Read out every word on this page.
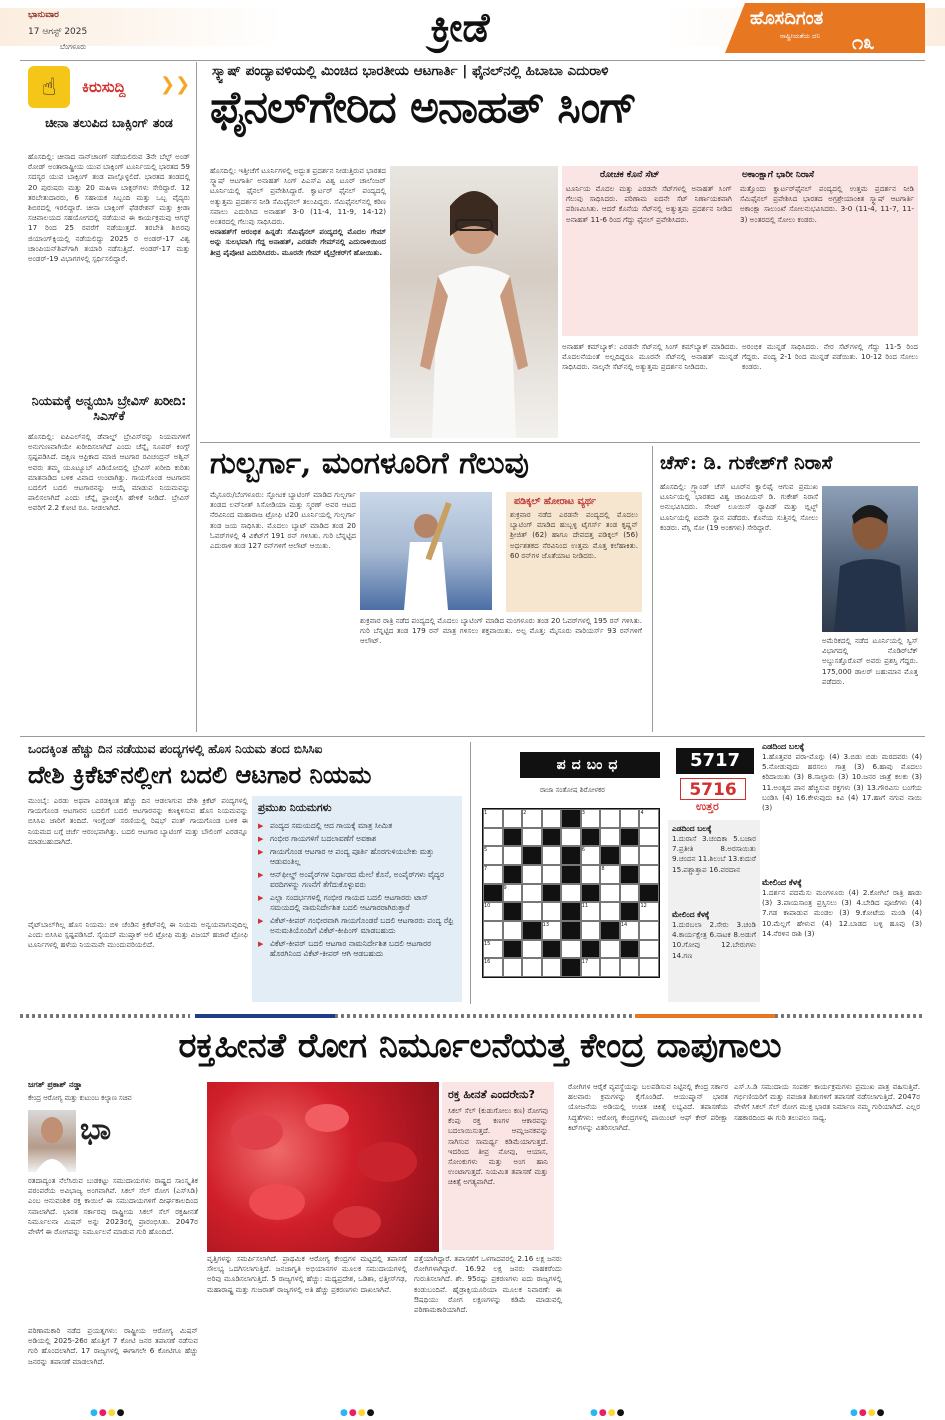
ಭಾನುವಾರ
17 ಆಗಸ್ಟ್ 2025
ಬೆಂಗಳೂರು	ಕ್ರೀಡೆ	ಹೊಸದಿಗಂತ
ರಾಷ್ಟ್ರೀಯತೆಯ ದನಿ ೧೩
☝	ಕಿರುಸುದ್ದಿ ❯❯
ಚೀನಾ ತಲುಪಿದ ಬಾಕ್ಸಿಂಗ್ ತಂಡ
ಹೊಸದಿಲ್ಲಿ: ಚೀನಾದ ನಾನ್‌ಚಾಂಗ್ ನಡೆಯಲಿರುವ 3ನೇ ಬೆಲ್ಟ್ ಅಂಡ್ ರೋಡ್ ಅಂತಾರಾಷ್ಟ್ರೀಯ ಯುವ ಬಾಕ್ಸಿಂಗ್ ಟೂರ್ನಿಯಲ್ಲಿ ಭಾರತದ 59 ಸದಸ್ಯರ ಯುವ ಬಾಕ್ಸಿಂಗ್ ತಂಡ ಪಾಲ್ಗೊಳ್ಳಲಿದೆ. ಭಾರತದ ತಂಡದಲ್ಲಿ 20 ಪುರುಷರು ಮತ್ತು 20 ಮಹಿಳಾ ಬಾಕ್ಸರ್‌ಗಳು ಸೇರಿದ್ದಾರೆ. 12 ತರಬೇತುದಾರರು, 6 ಸಹಾಯಕ ಸಿಬ್ಬಂದಿ ಮತ್ತು ಒಬ್ಬ ವೈದ್ಯರು ಶಿಬಿರದಲ್ಲಿ ಇರಲಿದ್ದಾರೆ. ಚೀನಾ ಬಾಕ್ಸಿಂಗ್ ಫೆಡರೇಶನ್ ಮತ್ತು ಕ್ರೀಡಾ ಸಚಿವಾಲಯದ ಸಹಯೋಗದಲ್ಲಿ ನಡೆಯುವ ಈ ಕಾರ್ಯಕ್ರಮವು ಆಗಸ್ಟ್ 17 ರಿಂದ 25 ರವರೆಗೆ ನಡೆಯುತ್ತದೆ. ತರಬೇತಿ ಶಿಬಿರವು ಜಿಯಾಂಗ್‌ಕ್ಸಿಯಲ್ಲಿ ನಡೆಯಲಿದ್ದು 2025 ರ ಅಂಡರ್-17 ವಿಶ್ವ ಚಾಂಪಿಯನ್‌ಶಿಪ್‌ಗಾಗಿ ತಯಾರಿ ನಡೆಸುತ್ತಿದೆ. ಅಂಡರ್-17 ಮತ್ತು ಅಂಡರ್-19 ವಿಭಾಗಗಳಲ್ಲಿ ಸ್ಪರ್ಧಿಸಲಿದ್ದಾರೆ.
ನಿಯಮಕ್ಕೆ ಅನ್ವಯಿಸಿ ಬ್ರೇವಿಸ್ ಖರೀದಿ: ಸಿಎಸ್‌ಕೆ
ಹೊಸದಿಲ್ಲಿ: ಐಪಿಎಲ್‌ನಲ್ಲಿ ಡೆವಾಲ್ಡ್ ಬ್ರೇವಿಸ್‌ರನ್ನು ನಿಯಮಗಳಿಗೆ ಅನುಗುಣವಾಗಿಯೇ ಖರೀದಿಸಲಾಗಿದೆ ಎಂದು ಚೆನ್ನೈ ಸೂಪರ್ ಕಿಂಗ್ಸ್ ಸ್ಪಷ್ಟಪಡಿಸಿದೆ. ದಕ್ಷಿಣ ಆಫ್ರಿಕಾದ ಮಾಜಿ ಆಟಗಾರ ರವಿಚಂದ್ರನ್ ಅಶ್ವಿನ್ ಅವರು ತಮ್ಮ ಯೂಟ್ಯೂಬ್ ವಿಡಿಯೋದಲ್ಲಿ ಬ್ರೇವಿಸ್ ಖರೀದಿ ಕುರಿತು ಮಾತನಾಡಿದ ಬಳಿಕ ವಿವಾದ ಉಂಟಾಗಿತ್ತು. ಗಾಯಗೊಂಡ ಆಟಗಾರನ ಬದಲಿಗೆ ಬದಲಿ ಆಟಗಾರನನ್ನು ಆಯ್ಕೆ ಮಾಡುವ ನಿಯಮವನ್ನು ಪಾಲಿಸಲಾಗಿದೆ ಎಂದು ಚೆನ್ನೈ ಫ್ರಾಂಚೈಸಿ ಹೇಳಿಕೆ ನೀಡಿದೆ. ಬ್ರೇವಿಸ್ ಅವರಿಗೆ 2.2 ಕೋಟಿ ರೂ. ನೀಡಲಾಗಿದೆ.
ಸ್ಕ್ವಾಷ್ ಪಂದ್ಯಾವಳಿಯಲ್ಲಿ ಮಿಂಚಿದ ಭಾರತೀಯ ಆಟಗಾರ್ತಿ | ಫೈನಲ್‌ನಲ್ಲಿ ಹಿಬಾಬಾ ಎದುರಾಳಿ
ಫೈನಲ್‌ಗೇರಿದ ಅನಾಹತ್ ಸಿಂಗ್
ಹೊಸದಿಲ್ಲಿ: ಇತ್ತೀಚೆಗೆ ಟೂರ್ನಿಗಳಲ್ಲಿ ಅದ್ಭುತ ಪ್ರದರ್ಶನ ನೀಡುತ್ತಿರುವ ಭಾರತದ ಸ್ಕ್ವಾಷ್ ಆಟಗಾರ್ತಿ ಅನಾಹತ್ ಸಿಂಗ್ ಪಿಎಸ್‌ಎ ವಿಶ್ವ ಟೂರ್ ಚಾಲೆಂಜರ್ ಟೂರ್ನಿಯಲ್ಲಿ ಫೈನಲ್ ಪ್ರವೇಶಿಸಿದ್ದಾರೆ. ಕ್ವಾರ್ಟರ್ ಫೈನಲ್ ಪಂದ್ಯದಲ್ಲಿ ಅತ್ಯುತ್ತಮ ಪ್ರದರ್ಶನ ನೀಡಿ ಸೆಮಿಫೈನಲ್ ತಲುಪಿದ್ದರು. ಸೆಮಿಫೈನಲ್‌ನಲ್ಲಿ ಕಠಿಣ ಸವಾಲು ಎದುರಿಸಿದ ಅನಾಹತ್ 3-0 (11-4, 11-9, 14-12) ಅಂತರದಲ್ಲಿ ಗೆಲುವು ಸಾಧಿಸಿದರು.
ಅನಾಹತ್‌ಗೆ ಆರಂಭಿಕ ಹಿನ್ನಡೆ: ಸೆಮಿಫೈನಲ್ ಪಂದ್ಯದಲ್ಲಿ ಮೊದಲ ಗೇಮ್ ಅನ್ನು ಸುಲಭವಾಗಿ ಗೆದ್ದ ಅನಾಹತ್, ಎರಡನೇ ಗೇಮ್‌ನಲ್ಲಿ ಎದುರಾಳಿಯಿಂದ ತೀವ್ರ ಪೈಪೋಟಿ ಎದುರಿಸಿದರು. ಮೂರನೇ ಗೇಮ್ ಟೈಬ್ರೇಕರ್‌ಗೆ ಹೋಯಿತು.
ರೋಚಕ ಕೊನೆ ಸೆಟ್
ಟೂರ್ನಿಯ ಮೊದಲ ಮತ್ತು ಎರಡನೇ ಸೆಟ್‌ಗಳಲ್ಲಿ ಅನಾಹತ್ ಸಿಂಗ್ ಗೆಲುವು ಸಾಧಿಸಿದರು. ಪರಿಣಾಮ ಐದನೇ ಸೆಟ್ ನಿರ್ಣಾಯಕವಾಗಿ ಪರಿಣಮಿಸಿತು. ಆದರೆ ಕೊನೆಯ ಸೆಟ್‌ನಲ್ಲಿ ಅತ್ಯುತ್ತಮ ಪ್ರದರ್ಶನ ನೀಡಿದ ಅನಾಹತ್ 11-6 ರಿಂದ ಗೆದ್ದು ಫೈನಲ್ ಪ್ರವೇಶಿಸಿದರು.
ಅಕಾಂಕ್ಷಾಗೆ ಭಾರೀ ನಿರಾಸೆ
ಮತ್ತೊಂದು ಕ್ವಾರ್ಟರ್‌ಫೈನಲ್ ಪಂದ್ಯದಲ್ಲಿ ಉತ್ತಮ ಪ್ರದರ್ಶನ ನೀಡಿ ಸೆಮಿಫೈನಲ್ ಪ್ರವೇಶಿಸಿದ ಭಾರತದ ಅಗ್ರಶ್ರೇಯಾಂಕಿತ ಸ್ಕ್ವಾಷ್ ಆಟಗಾರ್ತಿ ಅಕಾಂಕ್ಷಾ ಸಾಲುಂಖೆ ಸೋಲನುಭವಿಸಿದರು. 3-0 (11-4, 11-7, 11-3) ಅಂತರದಲ್ಲಿ ಸೋಲು ಕಂಡರು.
ಅನಾಹತ್ ಕಮ್‌ಬ್ಯಾಕ್: ಎರಡನೇ ಸೆಟ್‌ನಲ್ಲಿ ಸಿಂಗ್ ಕಮ್‌ಬ್ಯಾಕ್ ಮಾಡಿದರು. ಮೊದಲನೆಯಂತೆ ಅಲ್ಲದಿದ್ದರೂ ಮೂರನೇ ಸೆಟ್‌ನಲ್ಲಿ ಅನಾಹತ್ ಮುನ್ನಡೆ ಸಾಧಿಸಿದರು. ನಾಲ್ಕನೇ ಸೆಟ್‌ನಲ್ಲಿ ಅತ್ಯುತ್ತಮ ಪ್ರದರ್ಶನ ನೀಡಿದರು.
ಅರಂಭಿಕ ಮುನ್ನಡೆ ಸಾಧಿಸಿದರು. ನೇರ ಸೆಟ್‌ಗಳಲ್ಲಿ ಗೆದ್ದು 11-5 ರಿಂದ ಗೆದ್ದರು. ಪಂದ್ಯ 2-1 ರಿಂದ ಮುನ್ನಡೆ ಪಡೆಯಿತು. 10-12 ರಿಂದ ಸೋಲು ಕಂಡರು.
ಗುಲ್ಬರ್ಗಾ, ಮಂಗಳೂರಿಗೆ ಗೆಲುವು
ಮೈಸೂರು/ಬೆಂಗಳೂರು: ಸ್ಫೋಟಕ ಬ್ಯಾಟಿಂಗ್ ಮಾಡಿದ ಗುಲ್ಬರ್ಗಾ ತಂಡದ ಲವ್‌ನೀತ್ ಸಿಸೋಡಿಯಾ ಮತ್ತು ಸ್ಮರಣ್ ಅವರ ಆಟದ ನೆರವಿನಿಂದ ಮಹಾರಾಜ ಟ್ರೋಫಿ ಟಿ20 ಟೂರ್ನಿಯಲ್ಲಿ ಗುಲ್ಬರ್ಗಾ ತಂಡ ಜಯ ಸಾಧಿಸಿತು. ಮೊದಲು ಬ್ಯಾಟ್ ಮಾಡಿದ ತಂಡ 20 ಓವರ್‌ಗಳಲ್ಲಿ 4 ವಿಕೆಟ್‌ಗೆ 191 ರನ್ ಗಳಿಸಿತು. ಗುರಿ ಬೆನ್ನಟ್ಟಿದ ಎದುರಾಳಿ ತಂಡ 127 ರನ್‌ಗಳಿಗೆ ಆಲೌಟ್ ಆಯಿತು.
ಪಡಿಕ್ಕಲ್ ಹೋರಾಟ ವ್ಯರ್ಥ
ಶುಕ್ರವಾರ ನಡೆದ ಎರಡನೇ ಪಂದ್ಯದಲ್ಲಿ ಮೊದಲು ಬ್ಯಾಟಿಂಗ್ ಮಾಡಿದ ಹುಬ್ಬಳ್ಳಿ ಟೈಗರ್ಸ್ ತಂಡ ಕೃಷ್ಣನ್ ಶ್ರೀಜಿತ್ (62) ಹಾಗೂ ದೇವದತ್ತ ಪಡಿಕ್ಕಲ್ (56) ಅರ್ಧಶತಕದ ನೆರವಿನಿಂದ ಉತ್ತಮ ಮೊತ್ತ ಕಲೆಹಾಕಿತು. 60 ರನ್‌ಗಳ ಜೊತೆಯಾಟ ನೀಡಿದರು.
ಶುಕ್ರವಾರ ರಾತ್ರಿ ನಡೆದ ಪಂದ್ಯದಲ್ಲಿ ಮೊದಲು ಬ್ಯಾಟಿಂಗ್ ಮಾಡಿದ ಮಂಗಳೂರು ತಂಡ 20 ಓವರ್‌ಗಳಲ್ಲಿ 195 ರನ್ ಗಳಿಸಿತು. ಗುರಿ ಬೆನ್ನಟ್ಟಿದ ತಂಡ 179 ರನ್ ಮಾತ್ರ ಗಳಿಸಲು ಶಕ್ತವಾಯಿತು. ಅಲ್ಪ ಮೊತ್ತ: ಮೈಸೂರು ವಾರಿಯರ್ಸ್ 93 ರನ್‌ಗಳಿಗೆ ಆಲೌಟ್.
ಚೆಸ್: ಡಿ. ಗುಕೇಶ್‌ಗೆ ನಿರಾಸೆ
ಹೊಸದಿಲ್ಲಿ: ಗ್ರ್ಯಾಂಡ್ ಚೆಸ್ ಟೂರ್‌ನ ಕ್ವಾಲಿಫೈ ಆಗುವ ಪ್ರಮುಖ ಟೂರ್ನಿಯಲ್ಲಿ ಭಾರತದ ವಿಶ್ವ ಚಾಂಪಿಯನ್ ಡಿ. ಗುಕೇಶ್ ನಿರಾಸೆ ಅನುಭವಿಸಿದರು. ಸೇಂಟ್ ಲೂಯಿಸ್ ರ‍್ಯಾಪಿಡ್ ಮತ್ತು ಬ್ಲಿಟ್ಜ್ ಟೂರ್ನಿಯಲ್ಲಿ ಐದನೇ ಸ್ಥಾನ ಪಡೆದರು. ಕೊನೆಯ ಸುತ್ತಿನಲ್ಲಿ ಸೋಲು ಕಂಡರು. ವೆಸ್ಲಿ ಸೋ (19 ಅಂಕಗಳು) ಸೇರಿದ್ದಾರೆ.
ಅಮೆರಿಕದಲ್ಲಿ ನಡೆದ ಟೂರ್ನಿಯಲ್ಲಿ ಸ್ವಿಸ್ ವಿಭಾಗದಲ್ಲಿ ನೊಡಿರ್‌ಬೆಕ್ ಅಬ್ದುಸತ್ತೊರೊವ್ ಅವರು ಪ್ರಶಸ್ತಿ ಗೆದ್ದರು. 175,000 ಡಾಲರ್ ಬಹುಮಾನ ಮೊತ್ತ ಪಡೆದರು.
ಒಂದಕ್ಕಿಂತ ಹೆಚ್ಚು ದಿನ ನಡೆಯುವ ಪಂದ್ಯಗಳಲ್ಲಿ ಹೊಸ ನಿಯಮ ತಂದ ಬಿಸಿಸಿಐ
ದೇಶಿ ಕ್ರಿಕೆಟ್‌ನಲ್ಲೀಗ ಬದಲಿ ಆಟಗಾರ ನಿಯಮ
ಮುಂಬೈ: ಎರಡು ಅಥವಾ ಎರಡಕ್ಕಿಂತ ಹೆಚ್ಚು ದಿನ ಆಡಲಾಗುವ ದೇಶಿ ಕ್ರಿಕೆಟ್ ಪಂದ್ಯಗಳಲ್ಲಿ ಗಾಯಗೊಂಡ ಆಟಗಾರನ ಬದಲಿಗೆ ಬದಲಿ ಆಟಗಾರನನ್ನು ಕಣಕ್ಕಿಳಿಸುವ ಹೊಸ ನಿಯಮವನ್ನು ಬಿಸಿಸಿಐ ಜಾರಿಗೆ ತಂದಿದೆ. ಇಂಗ್ಲೆಂಡ್ ಸರಣಿಯಲ್ಲಿ ರಿಷಭ್ ಪಂತ್ ಗಾಯಗೊಂಡ ಬಳಿಕ ಈ ನಿಯಮದ ಬಗ್ಗೆ ಚರ್ಚೆ ಆರಂಭವಾಗಿತ್ತು. ಬದಲಿ ಆಟಗಾರ ಬ್ಯಾಟಿಂಗ್ ಮತ್ತು ಬೌಲಿಂಗ್ ಎರಡನ್ನೂ ಮಾಡಬಹುದಾಗಿದೆ.
ವೈಟ್‌ಬಾಲ್‌ಗಿಲ್ಲ ಹೊಸ ನಿಯಮ: ಬಿಳಿ ಚೆಂಡಿನ ಕ್ರಿಕೆಟ್‌ನಲ್ಲಿ ಈ ನಿಯಮ ಅನ್ವಯವಾಗುವುದಿಲ್ಲ ಎಂದು ಬಿಸಿಸಿಐ ಸ್ಪಷ್ಟಪಡಿಸಿದೆ. ಸೈಯದ್ ಮುಷ್ತಾಕ್ ಅಲಿ ಟ್ರೋಫಿ ಮತ್ತು ವಿಜಯ್ ಹಜಾರೆ ಟ್ರೋಫಿ ಟೂರ್ನಿಗಳಲ್ಲಿ ಹಳೆಯ ನಿಯಮವೇ ಮುಂದುವರಿಯಲಿದೆ.
ಪ್ರಮುಖ ನಿಯಮಗಳು
▶ ಪಂದ್ಯದ ಸಮಯದಲ್ಲಿ ಆದ ಗಾಯಕ್ಕೆ ಮಾತ್ರ ಸೀಮಿತ
▶ ಗಂಭೀರ ಗಾಯಗಳಿಗೆ ಬದಲಾವಣೆಗೆ ಅವಕಾಶ
▶ ಗಾಯಗೊಂಡ ಆಟಗಾರ ಆ ಪಂದ್ಯ ಪೂರ್ತಿ ಹೊರಗುಳಿಯಬೇಕು ಮತ್ತು ಆಡುವಂತಿಲ್ಲ
▶ ಆನ್‌ಫೀಲ್ಡ್ ಅಂಪೈರ್‌ಗಳ ನಿರ್ಧಾರದ ಮೇಲೆ ಕೊನೆ, ಅಂಪೈರ್‌ಗಳು ವೈದ್ಯರ ವರದಿಗಳನ್ನು ಗಣನೆಗೆ ತೆಗೆದುಕೊಳ್ಳುವರು
▶ ಎಲ್ಲಾ ಸಂದರ್ಭಗಳಲ್ಲಿ ಗಂಭೀರ ಗಾಯದ ಬದಲಿ ಆಟಗಾರರು ಟಾಸ್ ಸಮಯದಲ್ಲಿ ನಾಮನಿರ್ದೇಶಿತ ಬದಲಿ ಆಟಗಾರರಾಗಿರುತ್ತಾರೆ
▶ ವಿಕೆಟ್-ಕೀಪರ್ ಗಂಭೀರವಾಗಿ ಗಾಯಗೊಂಡರೆ ಬದಲಿ ಆಟಗಾರರು ಪಂದ್ಯ ರೆಫ್ರಿ ಅನುಮತಿಯೊಂದಿಗೆ ವಿಕೆಟ್-ಕೀಪಿಂಗ್ ಮಾಡಬಹುದು
▶ ವಿಕೆಟ್-ಕೀಪರ್ ಬದಲಿ ಆಟಗಾರ ನಾಮನಿರ್ದೇಶಿತ ಬದಲಿ ಆಟಗಾರರ ಹೊರಗಿನಿಂದ ವಿಕೆಟ್-ಕೀಪರ್ ಆಗಿ ಆಡಬಹುದು
ಪದಬಂಧ
ರಾಜಾ ಸಂತೋಷ ಶಿರೋಳಕರ
5717
5716
ಉತ್ತರ
1	2	3	4
5	6
7	8
9
10	11	12
13	14
15
16	17
ಎಡದಿಂದ ಬಲಕ್ಕೆ
1.ದುರಾಸೆ 3.ಚಂದಿಕಾ 5.ಬಜಾರ 7.ಪ್ರತೀತಿ 8.ಅರಸಾಯಿತು 9.ಚಂದನ 11.ಶಿಲುಬೆ 13.ಕುದುರೆ 15.ಪಶ್ಚಾತ್ತಾಪ 16.ವರದಾನ
ಮೇಲಿಂದ ಕೆಳಕ್ಕೆ
1.ದುರಬಲಾ 2.ಸೇರು 3.ಚಂಡಿ 4.ಕಾರ್ಯಕ್ಷೇತ್ರ 6.ನಾಟಕ 8.ಅಡುಗೆ 10.ಗೋವು 12.ಬೇರುಗಳು 14.ಗಣ
ಎಡದಿಂದ ಬಲಕ್ಕೆ
1.ಹೊತ್ತವರ ಪರಾ-ಮೊಗ್ಗು (4) 3.ಬಿಡು ಬಿಡು ಮರದವರು (4) 5.ನೋಡುವುದು ಹರಸಲು ಗಾತ್ರ (3) 6.ಹಾವು ಮೊದಲು ಕಿರಿದಾಯಿತು (3) 8.ಸಾಲ್ಟಾರು (3) 10.ಜನರ ಜಾತ್ರೆ ಕಲಕು (3) 11.ಅಂತ್ಯದ ಪಾನ ಹೆಚ್ಚಿಸುವ ರಕ್ತಗಳು (3) 13.ಗೌರವಿಸು ಬಂಗೆಯ ಬಂಡಿಸಿ (4) 16.ಕೇಳುವುದು ಕಿವಿ (4) 17.ಹಾಗೆ ನಗುವ ನಾಯಿ (3)
ಮೇಲಿಂದ ಕೆಳಕ್ಕೆ
1.ದರ್ಶನ ಪದಮೆಸು ಮಂಗಳೂರು (4) 2.ಕೋಗಿಲೆ ರಾತ್ರಿ ಹಾಡು (3) 3.ಪಾಯಸಾಂತ್ರ ಪ್ರಸ್ತಿಸಲು (3) 4.ಬೇಡಿದ ಪೂಜೆಗಳು (4) 7.ಗಡ ಕಾಪಾಡುವ ಮಂಡಲ (3) 9.ಕೋಟೆಯ ಮಂಡಿ (4) 10.ಮೆಲ್ಲಗೆ ಹೇಳುವ (4) 12.ಬಾಡದ ಬಳ್ಳಿ ಹೂವು (3) 14.ನೆರಳಿನ ರಾಶಿ (3)
ರಕ್ತಹೀನತೆ ರೋಗ ನಿರ್ಮೂಲನೆಯತ್ತ ಕೇಂದ್ರ ದಾಪುಗಾಲು
ಜಗತ್ ಪ್ರಕಾಶ್ ನಡ್ಡಾ
ಕೇಂದ್ರ ಆರೋಗ್ಯ ಮತ್ತು ಕುಟುಂಬ ಕಲ್ಯಾಣ ಸಚಿವ
ಭಾ
ರತದಾದ್ಯಂತ ನೆಲೆಸಿರುವ ಬುಡಕಟ್ಟು ಸಮುದಾಯಗಳು ರಾಷ್ಟ್ರದ ಸಾಂಸ್ಕೃತಿಕ ಪರಂಪರೆಯ ಅವಿಭಾಜ್ಯ ಅಂಗವಾಗಿವೆ. ಸಿಕಲ್ ಸೆಲ್ ರೋಗ (ಎಸ್‌ಸಿಡಿ) ಎಂಬ ಆನುವಂಶಿಕ ರಕ್ತ ಕಾಯಿಲೆ ಈ ಸಮುದಾಯಗಳಿಗೆ ದೀರ್ಘಕಾಲದಿಂದ ಸವಾಲಾಗಿದೆ. ಭಾರತ ಸರ್ಕಾರವು ರಾಷ್ಟ್ರೀಯ ಸಿಕಲ್ ಸೆಲ್ ರಕ್ತಹೀನತೆ ನಿರ್ಮೂಲನಾ ಮಿಷನ್ ಅನ್ನು 2023ರಲ್ಲಿ ಪ್ರಾರಂಭಿಸಿತು. 2047ರ ವೇಳೆಗೆ ಈ ರೋಗವನ್ನು ನಿರ್ಮೂಲನೆ ಮಾಡುವ ಗುರಿ ಹೊಂದಿದೆ.
ಪರಿಣಾಮಕಾರಿ ನಡೆದ ಪ್ರಯತ್ನಗಳು: ರಾಷ್ಟ್ರೀಯ ಆರೋಗ್ಯ ಮಿಷನ್ ಅಡಿಯಲ್ಲಿ 2025-26ರ ಹೊತ್ತಿಗೆ 7 ಕೋಟಿ ಜನರ ತಪಾಸಣೆ ನಡೆಸುವ ಗುರಿ ಹೊಂದಲಾಗಿದೆ. 17 ರಾಜ್ಯಗಳಲ್ಲಿ ಈಗಾಗಲೇ 6 ಕೋಟಿಗೂ ಹೆಚ್ಚು ಜನರನ್ನು ತಪಾಸಣೆ ಮಾಡಲಾಗಿದೆ.
ರಕ್ತ ಹೀನತೆ ಎಂದರೇನು?
ಸಿಕಲ್ ಸೆಲ್ (ಕುಡುಗೋಲು ಕಣ) ರೋಗವು ಕೆಂಪು ರಕ್ತ ಕಣಗಳ ಆಕಾರವನ್ನು ಬದಲಾಯಿಸುತ್ತದೆ. ಆಮ್ಲಜನಕವನ್ನು ಸಾಗಿಸುವ ಸಾಮರ್ಥ್ಯ ಕಡಿಮೆಯಾಗುತ್ತದೆ. ಇದರಿಂದ ತೀವ್ರ ನೋವು, ಆಯಾಸ, ಸೋಂಕುಗಳು ಮತ್ತು ಅಂಗ ಹಾನಿ ಉಂಟಾಗುತ್ತದೆ. ನಿಯಮಿತ ತಪಾಸಣೆ ಮತ್ತು ಚಿಕಿತ್ಸೆ ಅಗತ್ಯವಾಗಿದೆ.
ವೃತ್ತಿಗಳನ್ನು ಸಮರ್ಪಿಸಲಾಗಿದೆ. ಪ್ರಾಥಮಿಕ ಆರೋಗ್ಯ ಕೇಂದ್ರಗಳ ಮಟ್ಟದಲ್ಲಿ ತಪಾಸಣೆ ಸೌಲಭ್ಯ ಒದಗಿಸಲಾಗುತ್ತಿದೆ. ಜನಜಾಗೃತಿ ಅಭಿಯಾನಗಳ ಮೂಲಕ ಸಮುದಾಯಗಳಲ್ಲಿ ಅರಿವು ಮೂಡಿಸಲಾಗುತ್ತಿದೆ. 5 ರಾಜ್ಯಗಳಲ್ಲಿ ಹೆಚ್ಚು: ಮಧ್ಯಪ್ರದೇಶ, ಒಡಿಶಾ, ಛತ್ತೀಸ್‌ಗಢ, ಮಹಾರಾಷ್ಟ್ರ ಮತ್ತು ಗುಜರಾತ್ ರಾಜ್ಯಗಳಲ್ಲಿ ಅತಿ ಹೆಚ್ಚು ಪ್ರಕರಣಗಳು ದಾಖಲಾಗಿವೆ.
ಪತ್ತೆಯಾಗಿದ್ದಾರೆ. ತಪಾಸಣೆಗೆ ಒಳಗಾದವರಲ್ಲಿ 2.16 ಲಕ್ಷ ಜನರು ರೋಗಿಗಳಾಗಿದ್ದಾರೆ. 16.92 ಲಕ್ಷ ಜನರು ವಾಹಕರೆಂದು ಗುರುತಿಸಲಾಗಿದೆ. ಶೇ. 95ರಷ್ಟು ಪ್ರಕರಣಗಳು ಐದು ರಾಜ್ಯಗಳಲ್ಲಿ ಕಂಡುಬಂದಿವೆ. ಹೈಡ್ರಾಕ್ಸಿಯೂರಿಯಾ ಮೂಲಕ ನಿವಾರಣೆ: ಈ ಔಷಧಿಯು ರೋಗ ಲಕ್ಷಣಗಳನ್ನು ಕಡಿಮೆ ಮಾಡುವಲ್ಲಿ ಪರಿಣಾಮಕಾರಿಯಾಗಿದೆ.
ರೋಗಿಗಳ ಆರೈಕೆ ವ್ಯವಸ್ಥೆಯನ್ನು ಬಲಪಡಿಸುವ ನಿಟ್ಟಿನಲ್ಲಿ ಕೇಂದ್ರ ಸರ್ಕಾರ ಹಲವಾರು ಕ್ರಮಗಳನ್ನು ಕೈಗೊಂಡಿದೆ. ಆಯುಷ್ಮಾನ್ ಭಾರತ ಯೋಜನೆಯ ಅಡಿಯಲ್ಲಿ ಉಚಿತ ಚಿಕಿತ್ಸೆ ಲಭ್ಯವಿದೆ. ತಪಾಸಣೆಯ ಸಿದ್ಧತೆಗಳು: ಆರೋಗ್ಯ ಕೇಂದ್ರಗಳಲ್ಲಿ ಪಾಯಿಂಟ್ ಆಫ್ ಕೇರ್ ಪರೀಕ್ಷಾ ಕಿಟ್‌ಗಳನ್ನು ವಿತರಿಸಲಾಗಿದೆ.
ಎಸ್.ಸಿ.ಡಿ ಸಮುದಾಯ ಸಂಪರ್ಕ ಕಾರ್ಯಕ್ರಮಗಳು ಪ್ರಮುಖ ಪಾತ್ರ ವಹಿಸುತ್ತಿವೆ. ಗರ್ಭಿಣಿಯರಿಗೆ ಮತ್ತು ನವಜಾತ ಶಿಶುಗಳಿಗೆ ತಪಾಸಣೆ ನಡೆಸಲಾಗುತ್ತಿದೆ. 2047ರ ವೇಳೆಗೆ ಸಿಕಲ್ ಸೆಲ್ ರೋಗ ಮುಕ್ತ ಭಾರತ ನಿರ್ಮಾಣ ನಮ್ಮ ಗುರಿಯಾಗಿದೆ. ಎಲ್ಲರ ಸಹಕಾರದಿಂದ ಈ ಗುರಿ ತಲುಪಲು ಸಾಧ್ಯ.
●●●●	●●●●	●●●●	●●●●
